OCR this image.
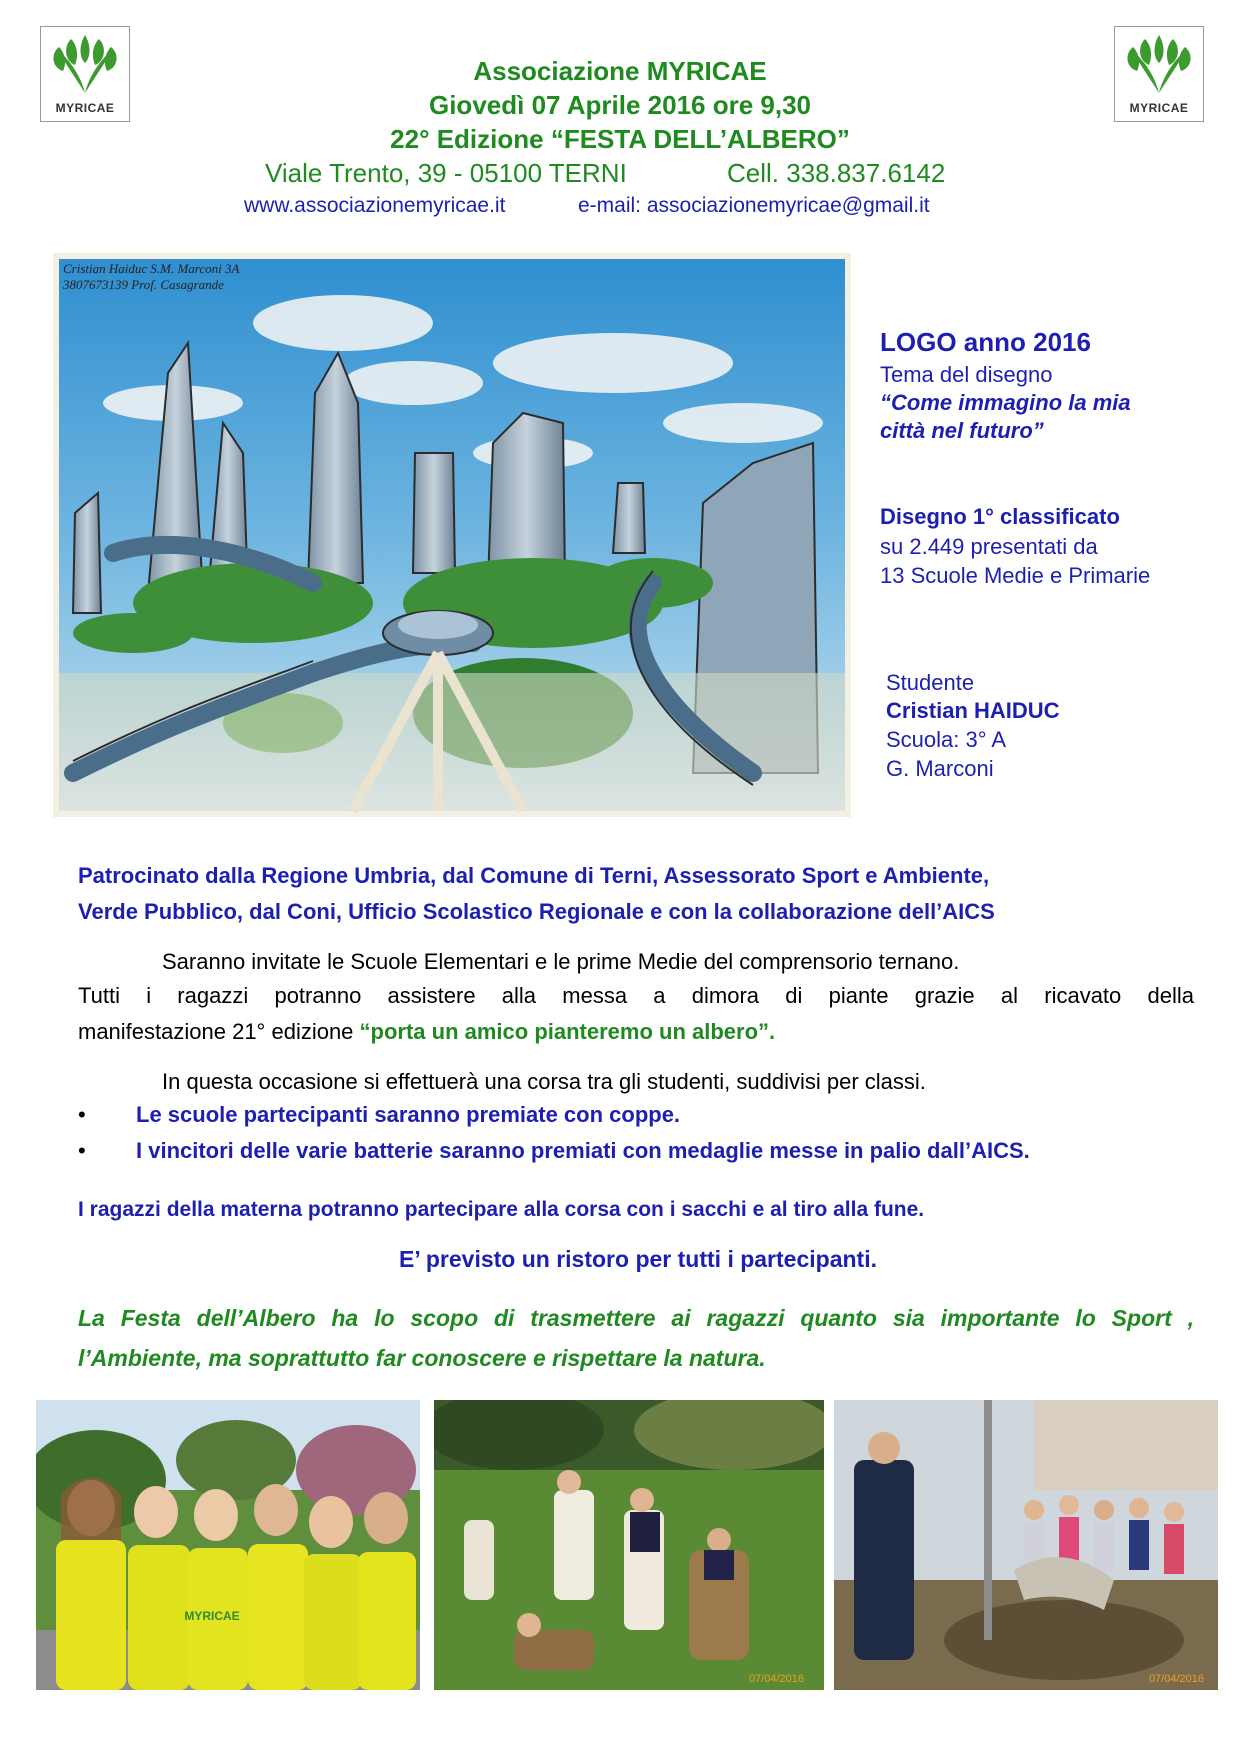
MYRICAE	MYRICAE
Associazione MYRICAE
Giovedì 07 Aprile 2016 ore 9,30
22° Edizione “FESTA DELL’ALBERO”
Viale Trento, 39 - 05100 TERNI	Cell. 338.837.6142
www.associazionemyricae.it	e-mail: associazionemyricae@gmail.it
Cristian Haiduc S.M. Marconi 3A
3807673139 Prof. Casagrande
LOGO anno 2016
Tema del disegno
“Come immagino la mia
città nel futuro”
Disegno 1° classificato
su 2.449 presentati da
13 Scuole Medie e Primarie
Studente
Cristian HAIDUC
Scuola: 3° A
G. Marconi
Patrocinato dalla Regione Umbria, dal Comune di Terni, Assessorato Sport e Ambiente,
Verde Pubblico, dal Coni, Ufficio Scolastico Regionale e con la collaborazione dell’AICS
Saranno invitate le Scuole Elementari e le prime Medie del comprensorio ternano.
Tutti i ragazzi potranno assistere alla messa a dimora di piante grazie al ricavato della
manifestazione 21° edizione “porta un amico pianteremo un albero”.
In questa occasione si effettuerà una corsa tra gli studenti, suddivisi per classi.
• Le scuole partecipanti saranno premiate con coppe.
• I vincitori delle varie batterie saranno premiati con medaglie messe in palio dall’AICS.
I ragazzi della materna potranno partecipare alla corsa con i sacchi e al tiro alla fune.
E’ previsto un ristoro per tutti i partecipanti.
La Festa dell’Albero ha lo scopo di trasmettere ai ragazzi quanto sia importante lo Sport ,
l’Ambiente, ma soprattutto far conoscere e rispettare la natura.
MYRICAE
07/04/2016	07/04/2016
